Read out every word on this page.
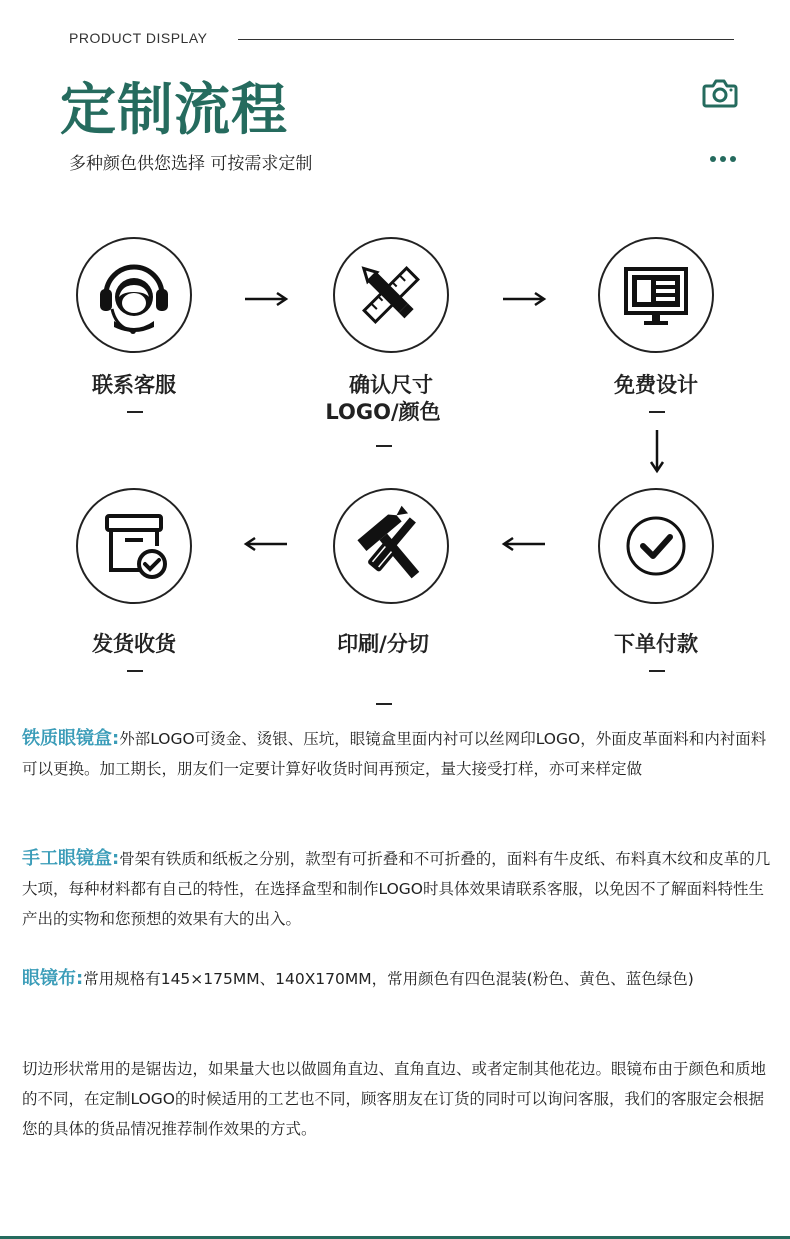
PRODUCT DISPLAY
定制流程
多种颜色供您选择 可按需求定制
联系客服	确认尺寸
LOGO/颜色
免费设计
下单付款
印刷/分切
发货收货
铁质眼镜盒:外部LOGO可烫金、烫银、压坑，眼镜盒里面内衬可以丝网印LOGO，外面皮革面料和内衬面料可以更换。加工期长，朋友们一定要计算好收货时间再预定，量大接受打样，亦可来样定做
手工眼镜盒:骨架有铁质和纸板之分别，款型有可折叠和不可折叠的，面料有牛皮纸、布料真木纹和皮革的几大项，每种材料都有自己的特性，在选择盒型和制作LOGO时具体效果请联系客服，以免因不了解面料特性生产出的实物和您预想的效果有大的出入。
眼镜布:常用规格有145×175MM、140X170MM，常用颜色有四色混装(粉色、黄色、蓝色绿色)
切边形状常用的是锯齿边，如果量大也以做圆角直边、直角直边、或者定制其他花边。眼镜布由于颜色和质地的不同，在定制LOGO的时候适用的工艺也不同，顾客朋友在订货的同时可以询问客服，我们的客服定会根据您的具体的货品情况推荐制作效果的方式。
